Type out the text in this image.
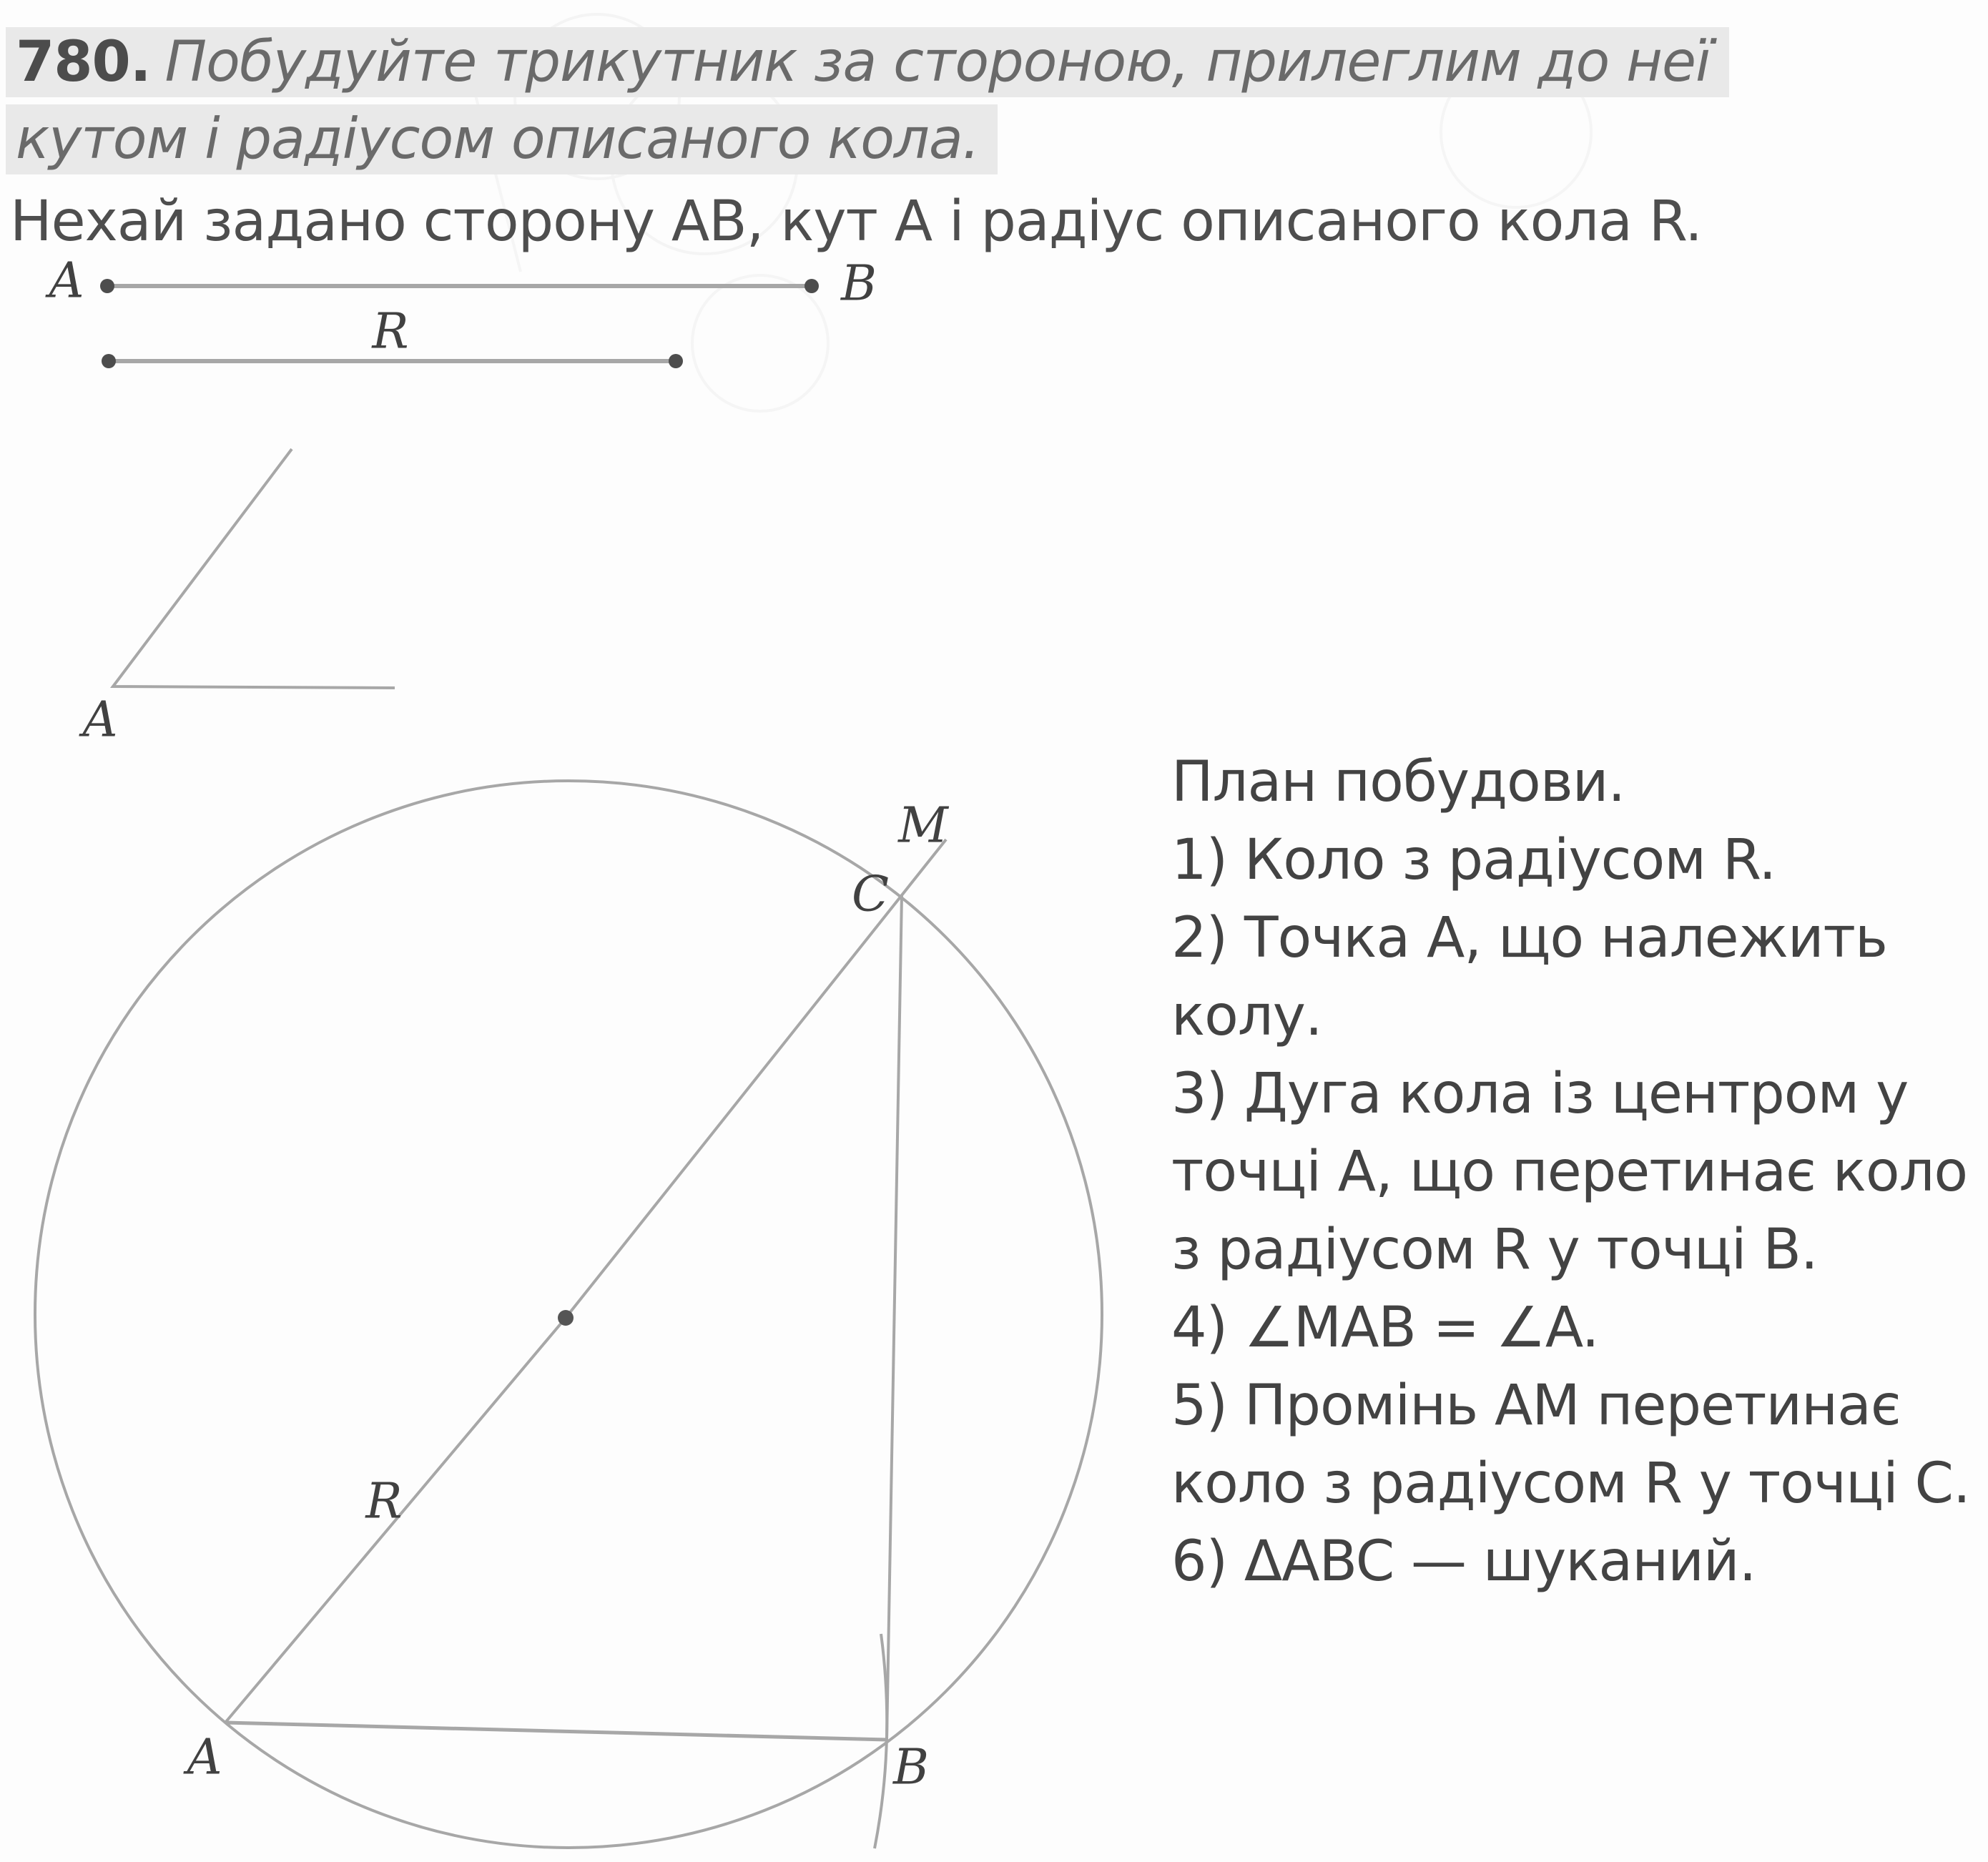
780. Побудуйте трикутник за стороною, прилеглим до неї
кутом і радіусом описаного кола.
Нехай задано сторону AB, кут A і радіус описаного кола R.
A	B
R
A
M
C
R
A	B
План побудови.
1) Коло з радіусом R.
2) Точка A, що належить
колу.
3) Дуга кола із центром у
точці A, що перетинає коло
з радіусом R у точці B.
4) ∠MAB = ∠A.
5) Промінь AM перетинає
коло з радіусом R у точці C.
6) ΔABC — шуканий.
